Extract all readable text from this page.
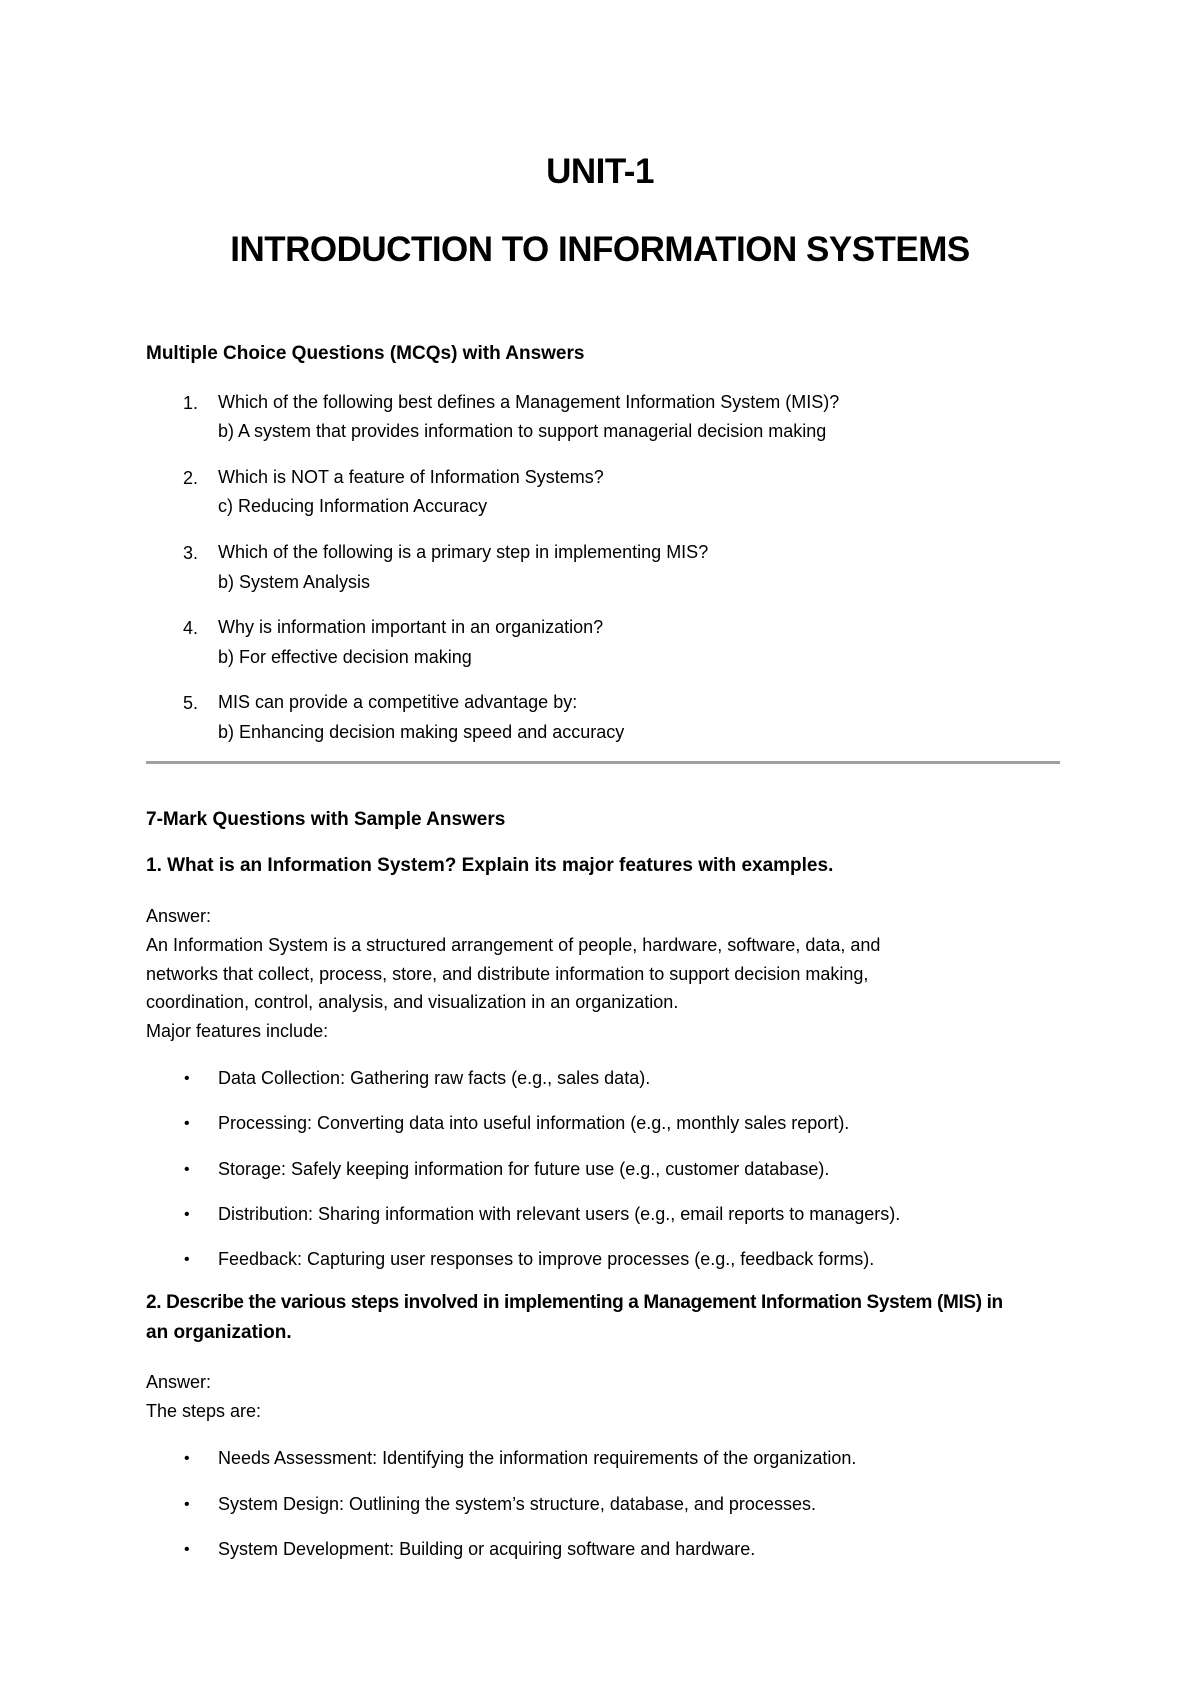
UNIT-1
INTRODUCTION TO INFORMATION SYSTEMS
Multiple Choice Questions (MCQs) with Answers
1. Which of the following best defines a Management Information System (MIS)?
b) A system that provides information to support managerial decision making
2. Which is NOT a feature of Information Systems?
c) Reducing Information Accuracy
3. Which of the following is a primary step in implementing MIS?
b) System Analysis
4. Why is information important in an organization?
b) For effective decision making
5. MIS can provide a competitive advantage by:
b) Enhancing decision making speed and accuracy
7-Mark Questions with Sample Answers
1. What is an Information System? Explain its major features with examples.
Answer:
An Information System is a structured arrangement of people, hardware, software, data, and
networks that collect, process, store, and distribute information to support decision making,
coordination, control, analysis, and visualization in an organization.
Major features include:
• Data Collection: Gathering raw facts (e.g., sales data).
• Processing: Converting data into useful information (e.g., monthly sales report).
• Storage: Safely keeping information for future use (e.g., customer database).
• Distribution: Sharing information with relevant users (e.g., email reports to managers).
• Feedback: Capturing user responses to improve processes (e.g., feedback forms).
2. Describe the various steps involved in implementing a Management Information System (MIS) in
an organization.
Answer:
The steps are:
• Needs Assessment: Identifying the information requirements of the organization.
• System Design: Outlining the system’s structure, database, and processes.
• System Development: Building or acquiring software and hardware.
